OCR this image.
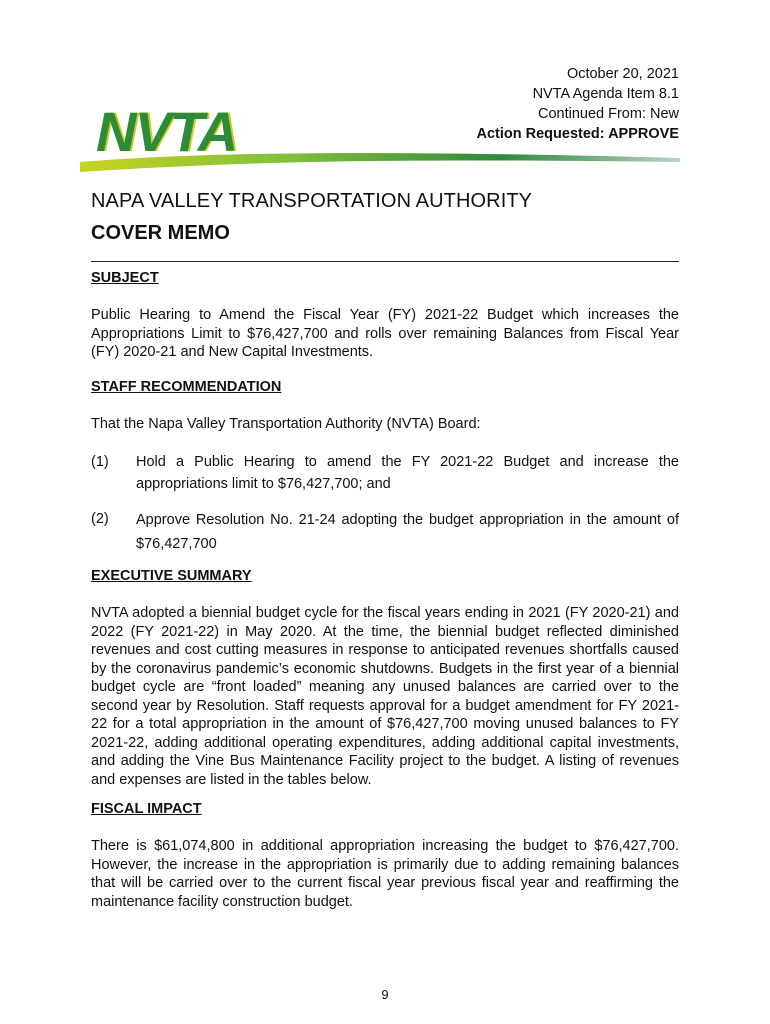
October 20, 2021
NVTA Agenda Item 8.1
Continued From: New
Action Requested: APPROVE
NVTA
NAPA VALLEY TRANSPORTATION AUTHORITY
COVER MEMO
SUBJECT
Public Hearing to Amend the Fiscal Year (FY) 2021-22 Budget which increases the Appropriations Limit to $76,427,700 and rolls over remaining Balances from Fiscal Year (FY) 2020-21 and New Capital Investments.
STAFF RECOMMENDATION
That the Napa Valley Transportation Authority (NVTA) Board:
(1) Hold a Public Hearing to amend the FY 2021-22 Budget and increase the appropriations limit to $76,427,700; and
(2) Approve Resolution No. 21-24 adopting the budget appropriation in the amount of $76,427,700
EXECUTIVE SUMMARY
NVTA adopted a biennial budget cycle for the fiscal years ending in 2021 (FY 2020-21) and 2022 (FY 2021-22) in May 2020. At the time, the biennial budget reflected diminished revenues and cost cutting measures in response to anticipated revenues shortfalls caused by the coronavirus pandemic’s economic shutdowns. Budgets in the first year of a biennial budget cycle are “front loaded” meaning any unused balances are carried over to the second year by Resolution. Staff requests approval for a budget amendment for FY 2021-22 for a total appropriation in the amount of $76,427,700 moving unused balances to FY 2021-22, adding additional operating expenditures, adding additional capital investments, and adding the Vine Bus Maintenance Facility project to the budget. A listing of revenues and expenses are listed in the tables below.
FISCAL IMPACT
There is $61,074,800 in additional appropriation increasing the budget to $76,427,700. However, the increase in the appropriation is primarily due to adding remaining balances that will be carried over to the current fiscal year previous fiscal year and reaffirming the maintenance facility construction budget.
9
